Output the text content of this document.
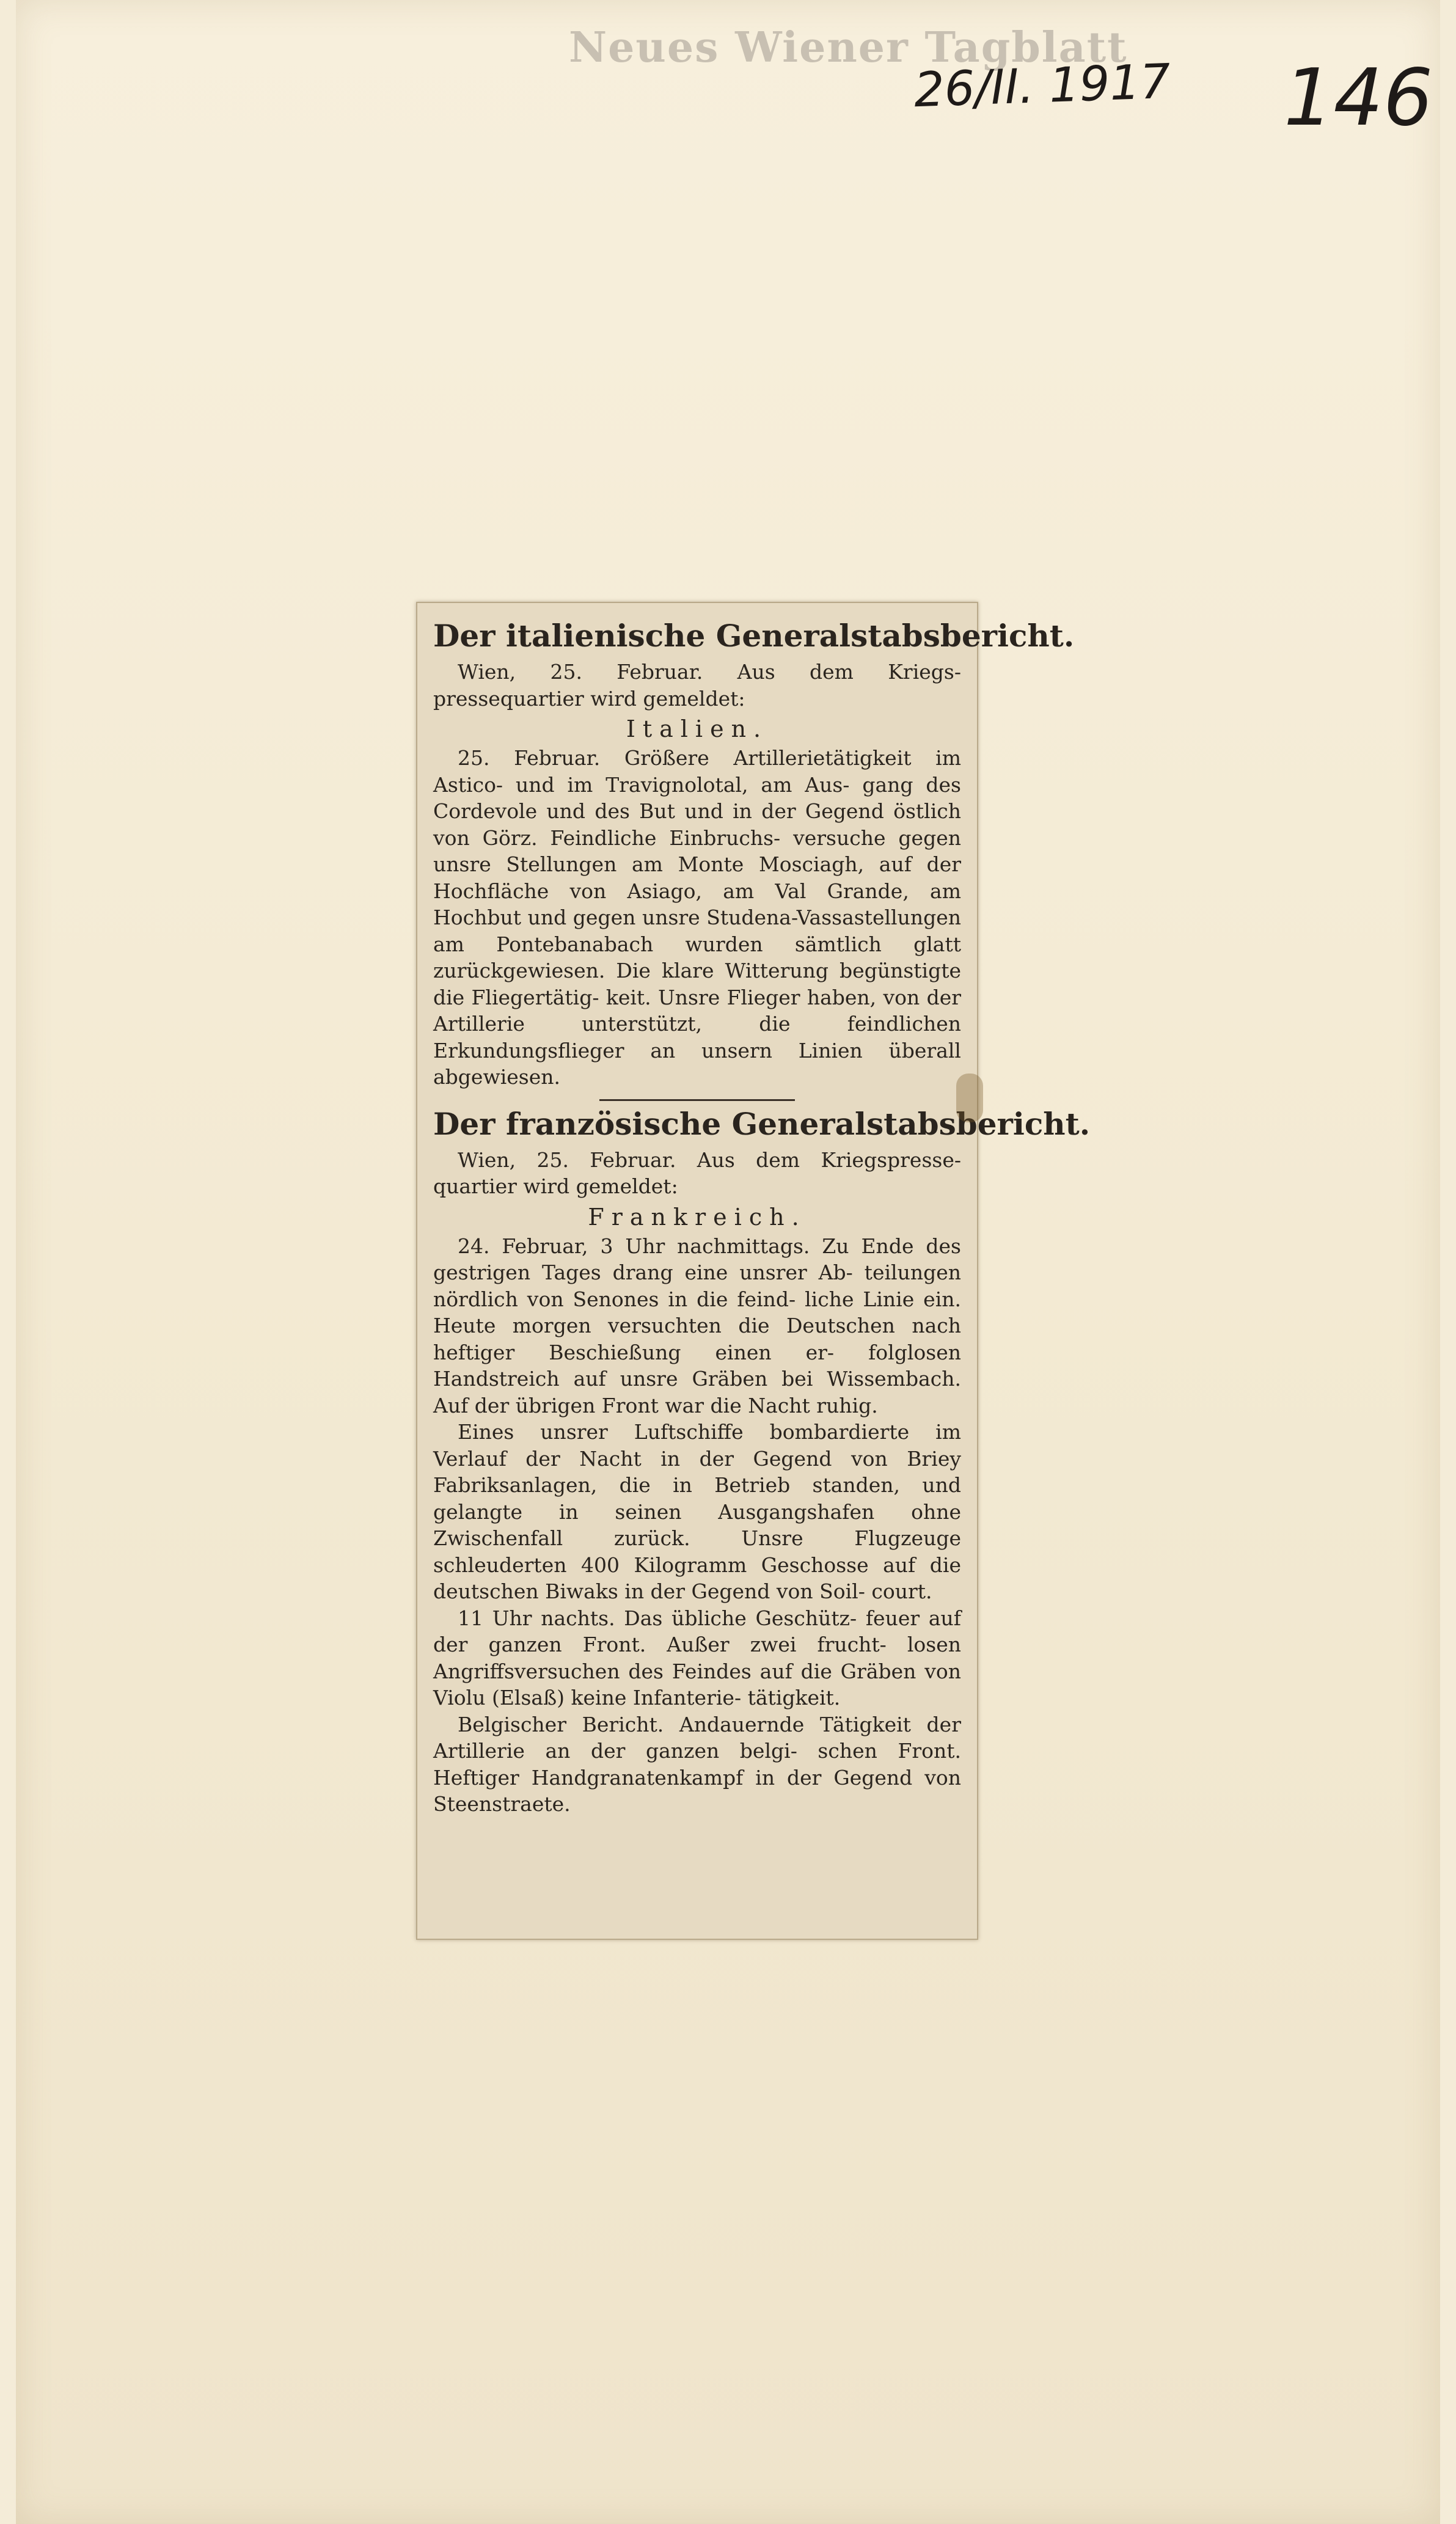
Neues Wiener Tagblatt
26/II. 1917 146
Der italienische Generalstabsbericht.

Wien, 25. Februar. Aus dem Kriegs- pressequartier wird gemeldet:

Italien.

25. Februar. Größere Artillerietätigkeit im Astico- und im Travignolotal, am Aus- gang des Cordevole und des But und in der Gegend östlich von Görz. Feindliche Einbruchs- versuche gegen unsre Stellungen am Monte Mosciagh, auf der Hochfläche von Asiago, am Val Grande, am Hochbut und gegen unsre Studena-Vassastellungen am Pontebanabach wurden sämtlich glatt zurückgewiesen. Die klare Witterung begünstigte die Fliegertätig- keit. Unsre Flieger haben, von der Artillerie unterstützt, die feindlichen Erkundungsflieger an unsern Linien überall abgewiesen.

Der französische Generalstabsbericht.

Wien, 25. Februar. Aus dem Kriegspresse- quartier wird gemeldet:

Frankreich.

24. Februar, 3 Uhr nachmittags. Zu Ende des gestrigen Tages drang eine unsrer Ab- teilungen nördlich von Senones in die feind- liche Linie ein. Heute morgen versuchten die Deutschen nach heftiger Beschießung einen er- folglosen Handstreich auf unsre Gräben bei Wissembach. Auf der übrigen Front war die Nacht ruhig.

Eines unsrer Luftschiffe bombardierte im Verlauf der Nacht in der Gegend von Briey Fabriksanlagen, die in Betrieb standen, und gelangte in seinen Ausgangshafen ohne Zwischenfall zurück. Unsre Flugzeuge schleuderten 400 Kilogramm Geschosse auf die deutschen Biwaks in der Gegend von Soil- court.

11 Uhr nachts. Das übliche Geschütz- feuer auf der ganzen Front. Außer zwei frucht- losen Angriffsversuchen des Feindes auf die Gräben von Violu (Elsaß) keine Infanterie- tätigkeit.

Belgischer Bericht. Andauernde Tätigkeit der Artillerie an der ganzen belgi- schen Front. Heftiger Handgranatenkampf in der Gegend von Steenstraete.
